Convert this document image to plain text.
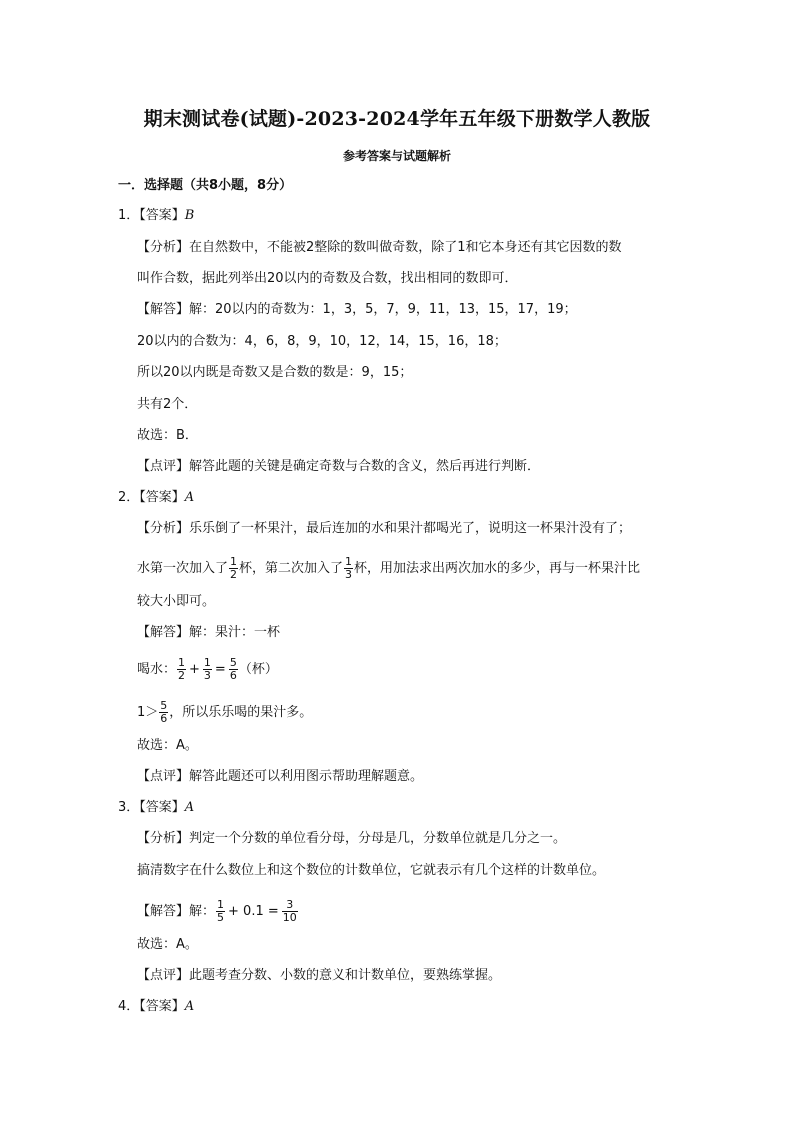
期末测试卷(试题)-2023-2024学年五年级下册数学人教版
参考答案与试题解析
一．选择题（共8小题，8分）
1．【答案】B
【分析】在自然数中，不能被2整除的数叫做奇数，除了1和它本身还有其它因数的数
叫作合数，据此列举出20以内的奇数及合数，找出相同的数即可．
【解答】解：20以内的奇数为：1，3，5，7，9，11，13，15，17，19；
20以内的合数为：4，6，8，9，10，12，14，15，16，18；
所以20以内既是奇数又是合数的数是：9，15；
共有2个．
故选：B．
【点评】解答此题的关键是确定奇数与合数的含义，然后再进行判断．
2．【答案】A
【分析】乐乐倒了一杯果汁，最后连加的水和果汁都喝光了，说明这一杯果汁没有了；
水第一次加入了 $\frac{1}{2}$ 杯，第二次加入了 $\frac{1}{3}$ 杯，用加法求出两次加水的多少，再与一杯果汁比
较大小即可。
【解答】解：果汁：一杯
喝水： $\frac{1}{2} + \frac{1}{3} = \frac{5}{6}$ （杯）
$1> \frac{5}{6}$ ，所以乐乐喝的果汁多。
故选：A。
【点评】解答此题还可以利用图示帮助理解题意。
3．【答案】A
【分析】判定一个分数的单位看分母，分母是几，分数单位就是几分之一。
搞清数字在什么数位上和这个数位的计数单位，它就表示有几个这样的计数单位。
【解答】解： $\frac{1}{5} + 0.1 = \frac{3}{10}$
故选：A。
【点评】此题考查分数、小数的意义和计数单位，要熟练掌握。
4．【答案】A
